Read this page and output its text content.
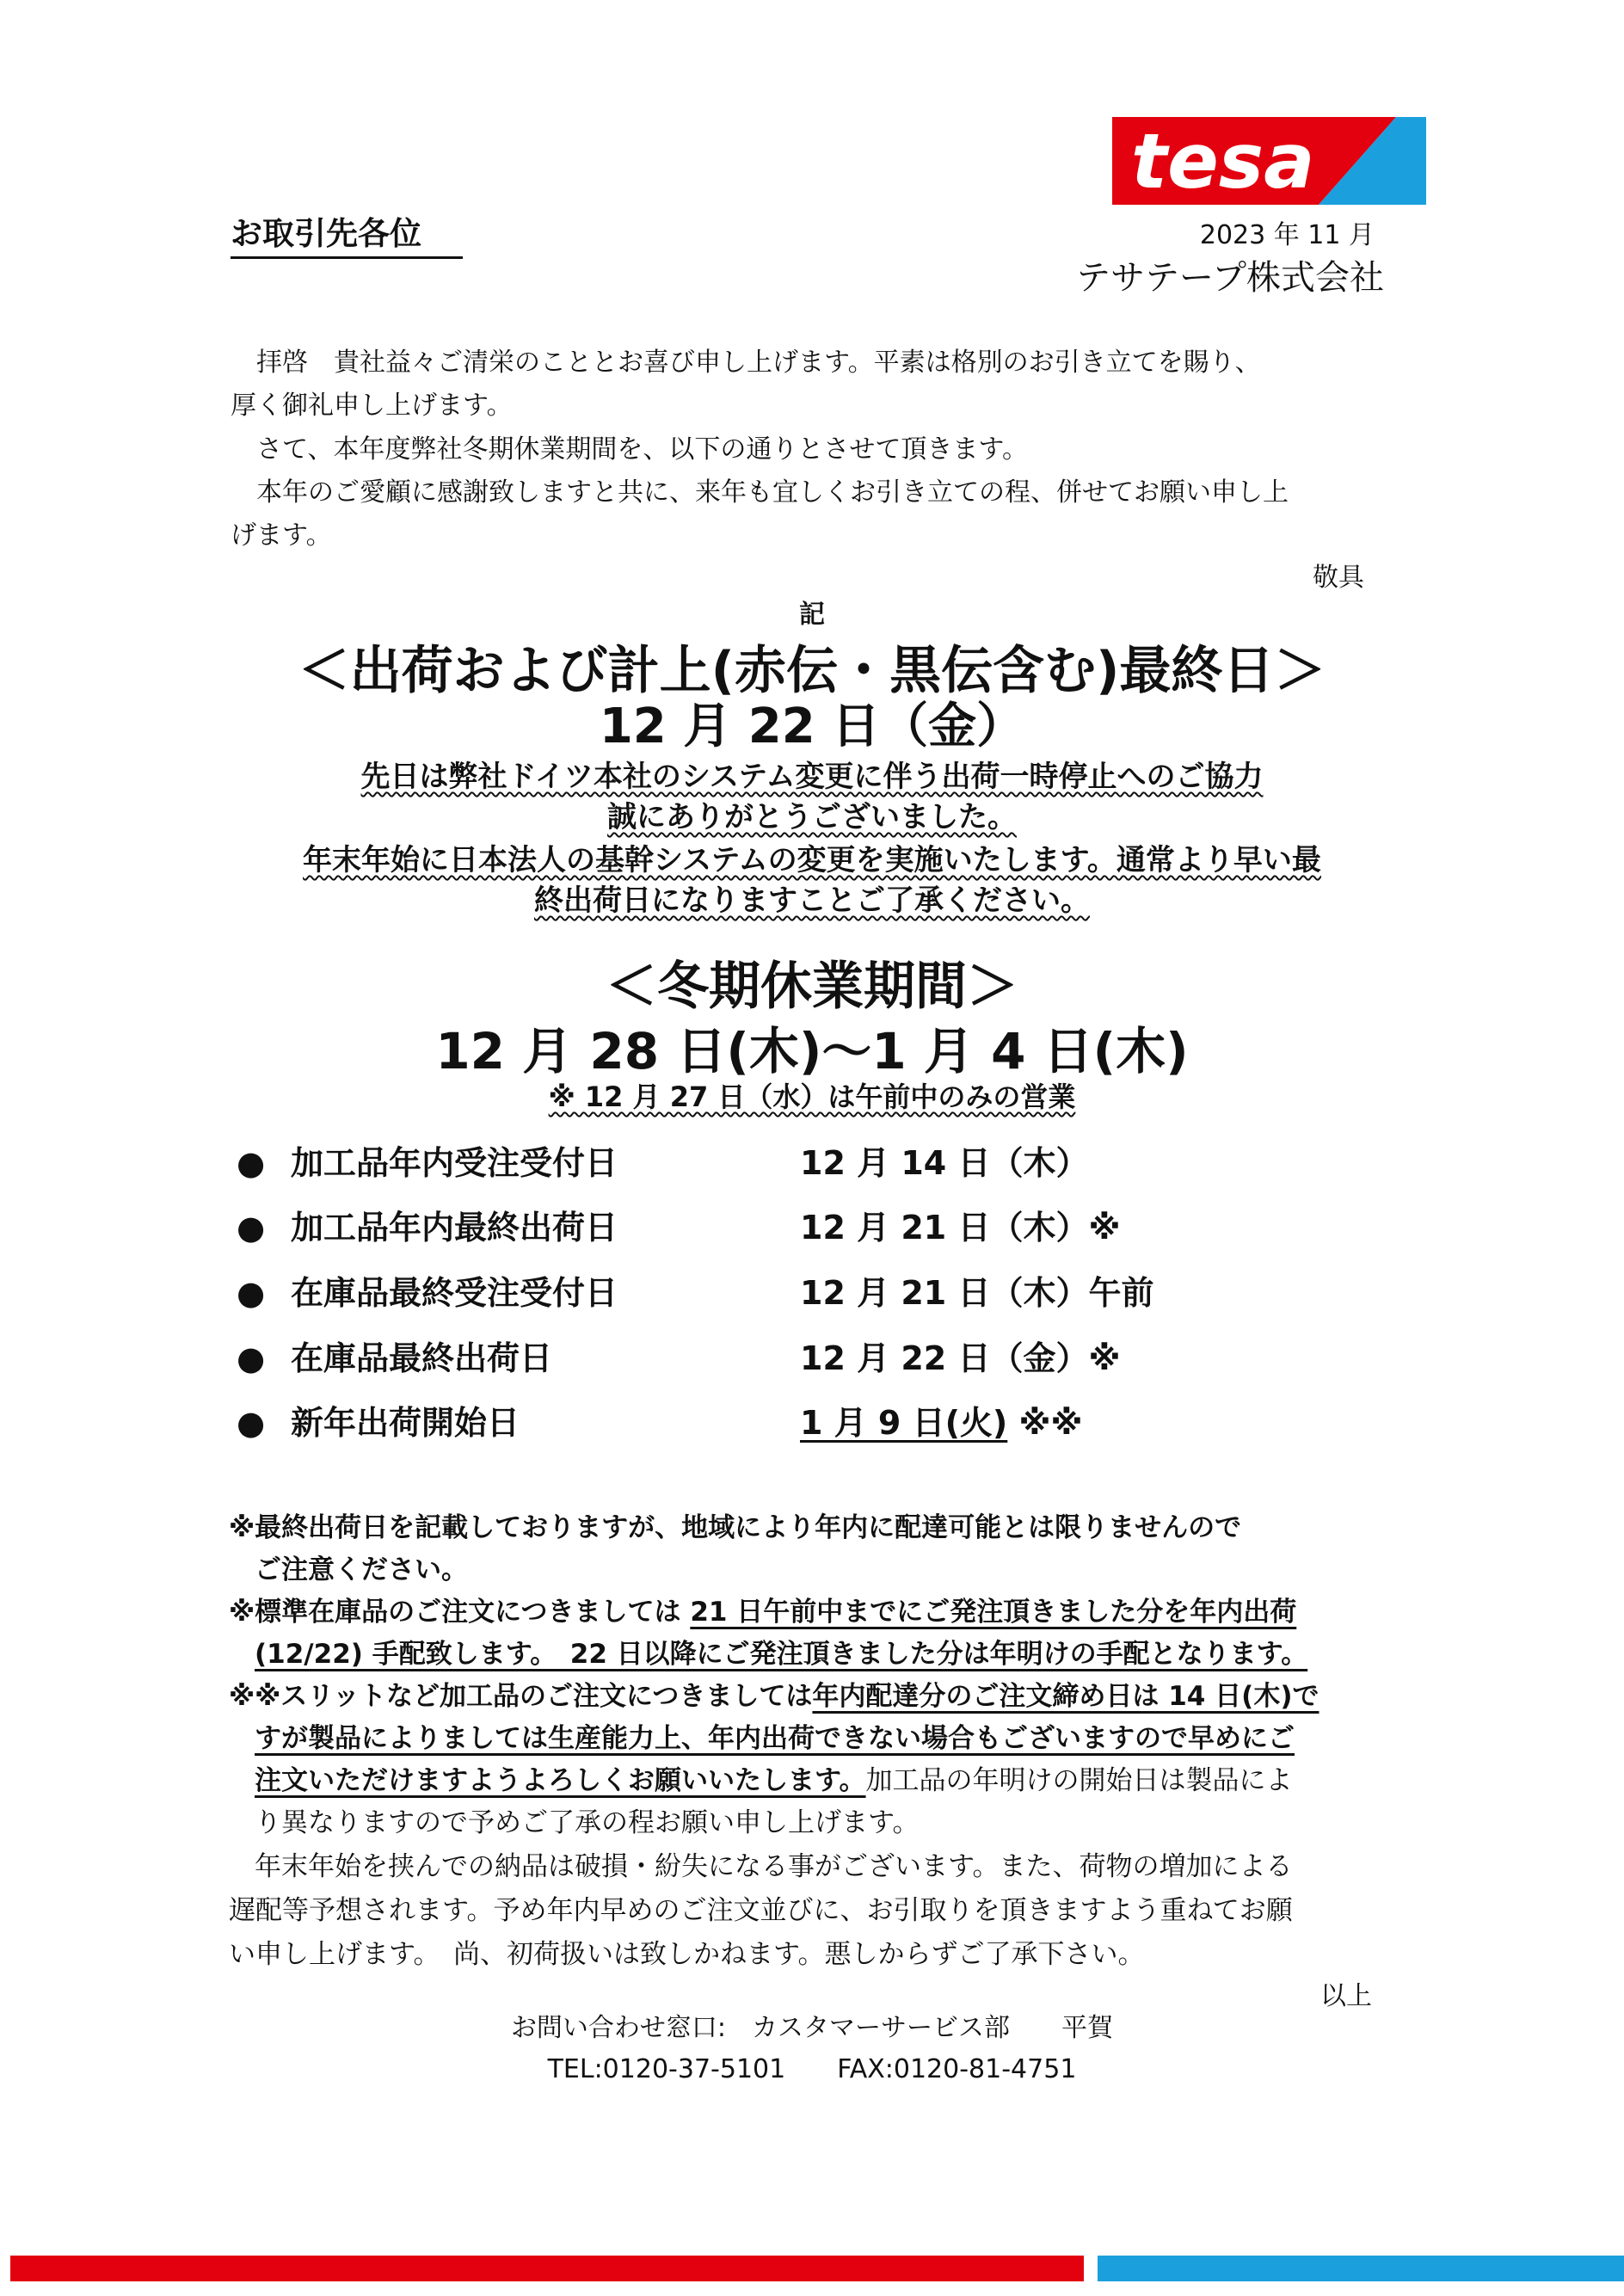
tesa
お取引先各位	2023 年 11 月
テサテープ株式会社
拝啓　貴社益々ご清栄のこととお喜び申し上げます。平素は格別のお引き立てを賜り、
厚く御礼申し上げます。
さて、本年度弊社冬期休業期間を、以下の通りとさせて頂きます。
本年のご愛顧に感謝致しますと共に、来年も宜しくお引き立ての程、併せてお願い申し上
げます。
敬具
記
＜出荷および計上(赤伝・黒伝含む)最終日＞
12 月 22 日（金）
先日は弊社ドイツ本社のシステム変更に伴う出荷一時停止へのご協力
誠にありがとうございました。
年末年始に日本法人の基幹システムの変更を実施いたします。通常より早い最
終出荷日になりますことご了承ください。
＜冬期休業期間＞
12 月 28 日(木)～1 月 4 日(木)
※ 12 月 27 日（水）は午前中のみの営業
● 加工品年内受注受付日	12 月 14 日（木）
● 加工品年内最終出荷日	12 月 21 日（木）※
● 在庫品最終受注受付日	12 月 21 日（木）午前
● 在庫品最終出荷日	12 月 22 日（金）※
● 新年出荷開始日	1 月 9 日(火) ※※
※最終出荷日を記載しておりますが、地域により年内に配達可能とは限りませんので
ご注意ください。
※標準在庫品のご注文につきましては 21 日午前中までにご発注頂きました分を年内出荷
(12/22) 手配致します。　22 日以降にご発注頂きました分は年明けの手配となります。
※※スリットなど加工品のご注文につきましては年内配達分のご注文締め日は 14 日(木)で
すが製品によりましては生産能力上、年内出荷できない場合もございますので早めにご
注文いただけますようよろしくお願いいたします。加工品の年明けの開始日は製品によ
り異なりますので予めご了承の程お願い申し上げます。
年末年始を挟んでの納品は破損・紛失になる事がございます。また、荷物の増加による
遅配等予想されます。予め年内早めのご注文並びに、お引取りを頂きますよう重ねてお願
い申し上げます。　尚、初荷扱いは致しかねます。悪しからずご了承下さい。
以上
お問い合わせ窓口:　カスタマーサービス部　　平賀
TEL:0120-37-5101　　FAX:0120-81-4751
